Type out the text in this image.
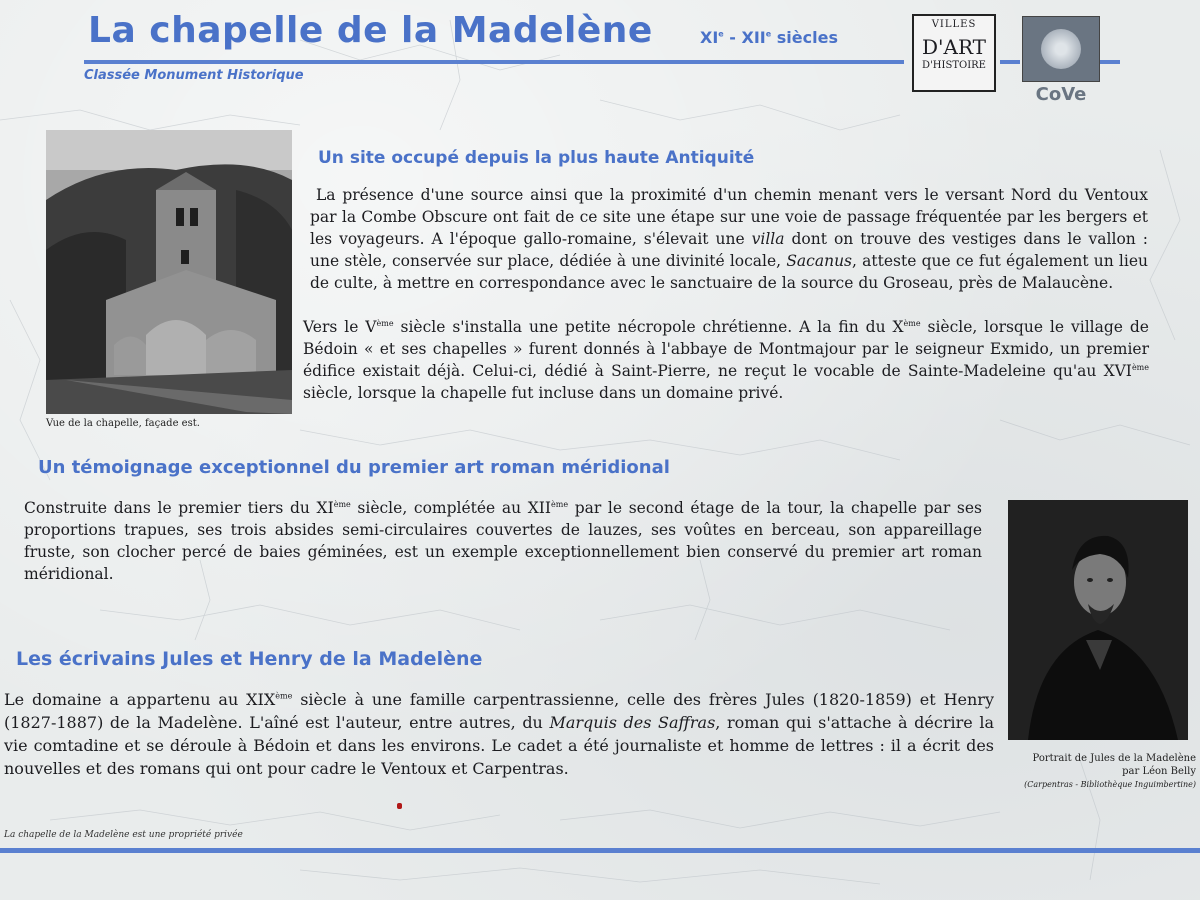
La chapelle de la Madelène	XIe - XIIe siècles
Classée Monument Historique
VILLES
D'ART
D'HISTOIRE
CoVe
Vue de la chapelle, façade est.
Un site occupé depuis la plus haute Antiquité
La présence d'une source ainsi que la proximité d'un chemin menant vers le versant Nord du Ventoux par la Combe Obscure ont fait de ce site une étape sur une voie de passage fréquentée par les bergers et les voyageurs. A l'époque gallo-romaine, s'élevait une villa dont on trouve des vestiges dans le vallon : une stèle, conservée sur place, dédiée à une divinité locale, Sacanus, atteste que ce fut également un lieu de culte, à mettre en correspondance avec le sanctuaire de la source du Groseau, près de Malaucène.
Vers le Vème siècle s'installa une petite nécropole chrétienne. A la fin du Xème siècle, lorsque le village de Bédoin « et ses chapelles » furent donnés à l'abbaye de Montmajour par le seigneur Exmido, un premier édifice existait déjà. Celui-ci, dédié à Saint-Pierre, ne reçut le vocable de Sainte-Madeleine qu'au XVIème siècle, lorsque la chapelle fut incluse dans un domaine privé.
Un témoignage exceptionnel du premier art roman méridional
Construite dans le premier tiers du XIème siècle, complétée au XIIème par le second étage de la tour, la chapelle par ses proportions trapues, ses trois absides semi-circulaires couvertes de lauzes, ses voûtes en berceau, son appareillage fruste, son clocher percé de baies géminées, est un exemple exceptionnellement bien conservé du premier art roman méridional.
Les écrivains Jules et Henry de la Madelène
Le domaine a appartenu au XIXème siècle à une famille carpentrassienne, celle des frères Jules (1820-1859) et Henry (1827-1887) de la Madelène. L'aîné est l'auteur, entre autres, du Marquis des Saffras, roman qui s'attache à décrire la vie comtadine et se déroule à Bédoin et dans les environs. Le cadet a été journaliste et homme de lettres : il a écrit des nouvelles et des romans qui ont pour cadre le Ventoux et Carpentras.
Portrait de Jules de la Madelène
par Léon Belly
(Carpentras - Bibliothèque Inguimbertine)
La chapelle de la Madelène est une propriété privée
